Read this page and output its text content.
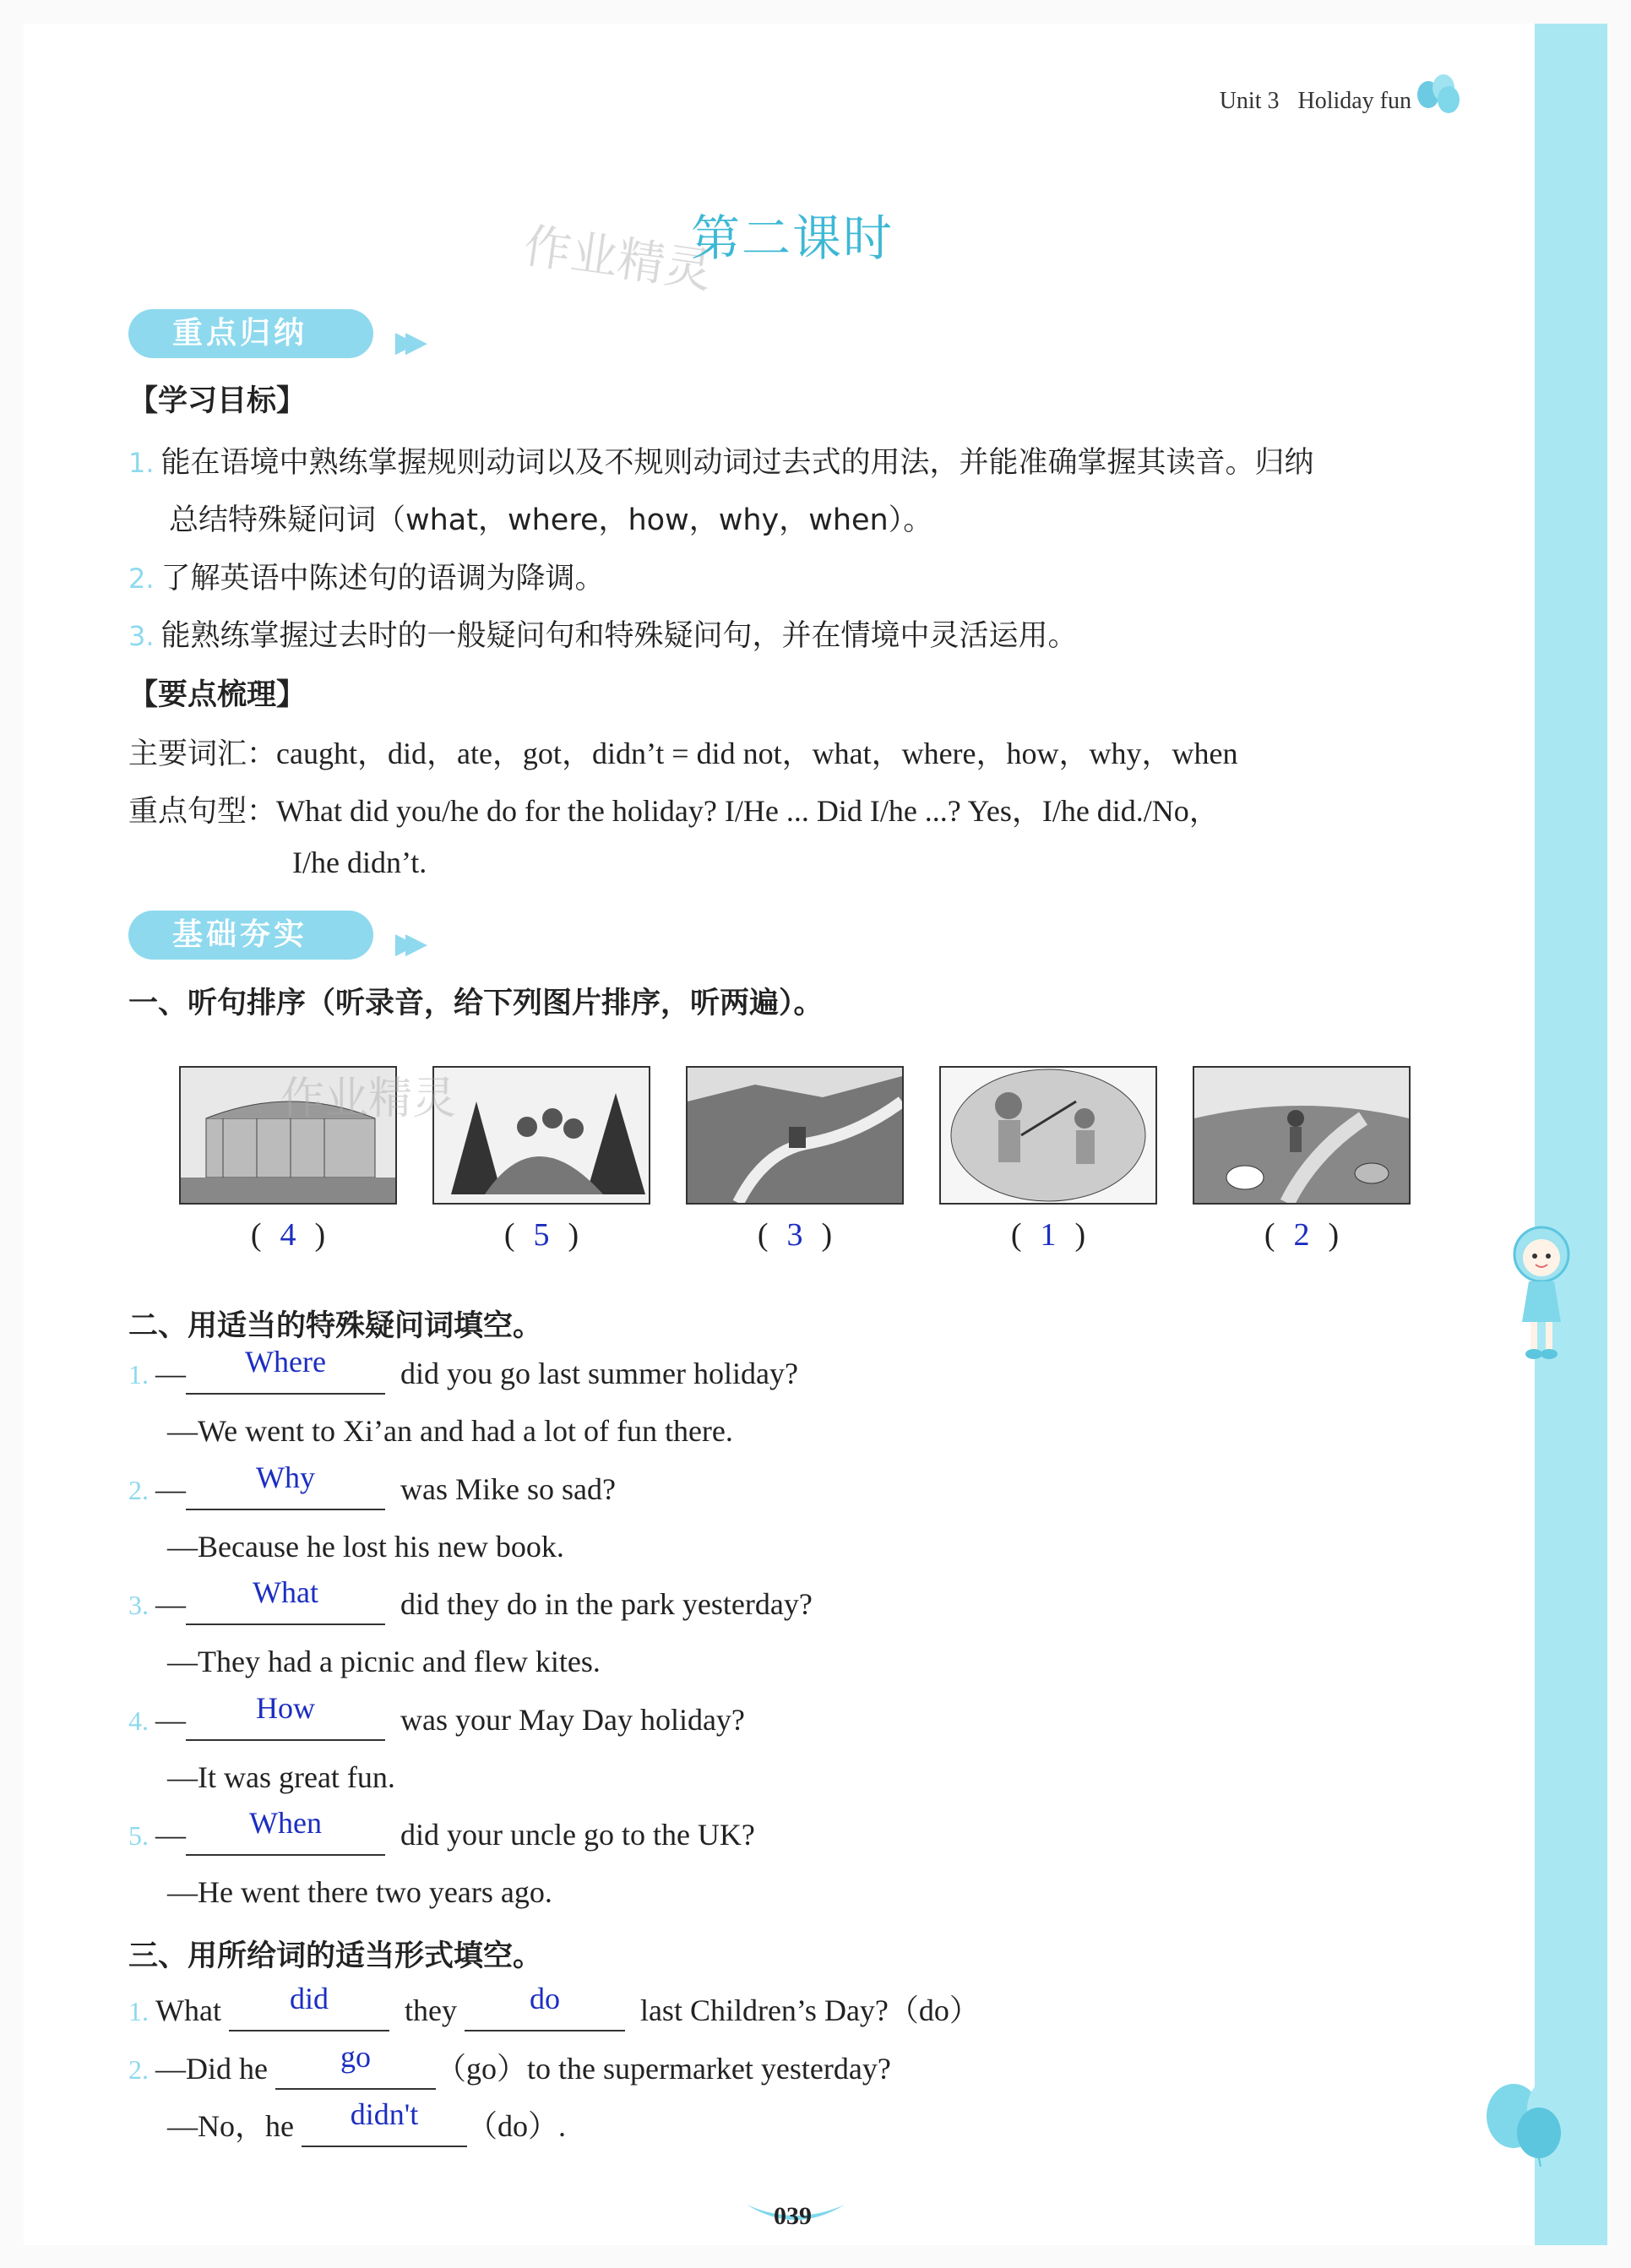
Unit 3 Holiday fun
作业精灵
第二课时
重点归纳	▶▶
【学习目标】
1. 能在语境中熟练掌握规则动词以及不规则动词过去式的用法，并能准确掌握其读音。归纳
总结特殊疑问词（what，where，how，why，when）。
2. 了解英语中陈述句的语调为降调。
3. 能熟练掌握过去时的一般疑问句和特殊疑问句，并在情境中灵活运用。
【要点梳理】
主要词汇：caught，did，ate，got，didn’t = did not，what，where，how，why，when
重点句型：What did you/he do for the holiday? I/He ... Did I/he ...? Yes，I/he did./No，
I/he didn’t.
基础夯实	▶▶
一、听句排序（听录音，给下列图片排序，听两遍）。
( 4 )	( 5 )	( 3 )	( 1 )	( 2 )
作业精灵
二、用适当的特殊疑问词填空。
1. — Where did you go last summer holiday?
—We went to Xi’an and had a lot of fun there.
2. — Why	was Mike so sad?
—Because he lost his new book.
3. — What	did they do in the park yesterday?
—They had a picnic and flew kites.
4. — How	was your May Day holiday?
—It was great fun.
5. — When	did your uncle go to the UK?
—He went there two years ago.
三、用所给词的适当形式填空。
1. What did	they do	last Children’s Day?（do）
2. —Did he go （go）to the supermarket yesterday?
—No，he didn't （do）.
039
